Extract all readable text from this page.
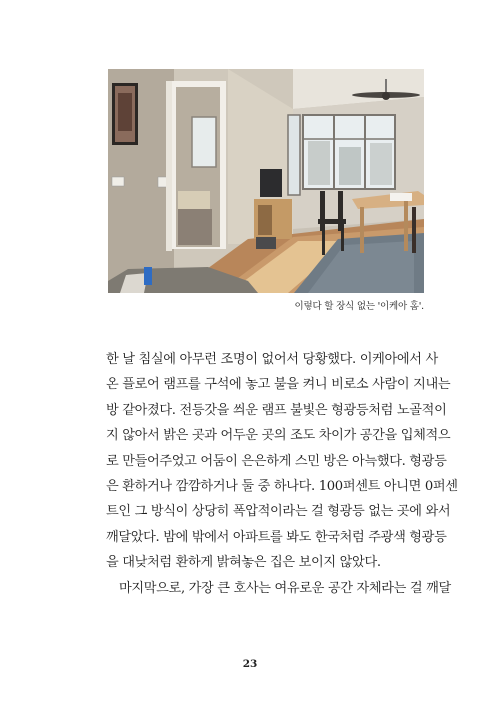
이렇다 할 장식 없는 '이케아 홈'.
한 날 침실에 아무런 조명이 없어서 당황했다. 이케아에서 사
온 플로어 램프를 구석에 놓고 불을 켜니 비로소 사람이 지내는
방 같아졌다. 전등갓을 씌운 램프 불빛은 형광등처럼 노골적이
지 않아서 밝은 곳과 어두운 곳의 조도 차이가 공간을 입체적으
로 만들어주었고 어둠이 은은하게 스민 방은 아늑했다. 형광등
은 환하거나 깜깜하거나 둘 중 하나다. 100퍼센트 아니면 0퍼센
트인 그 방식이 상당히 폭압적이라는 걸 형광등 없는 곳에 와서
깨달았다. 밤에 밖에서 아파트를 봐도 한국처럼 주광색 형광등
을 대낮처럼 환하게 밝혀놓은 집은 보이지 않았다.
마지막으로, 가장 큰 호사는 여유로운 공간 자체라는 걸 깨달
23
